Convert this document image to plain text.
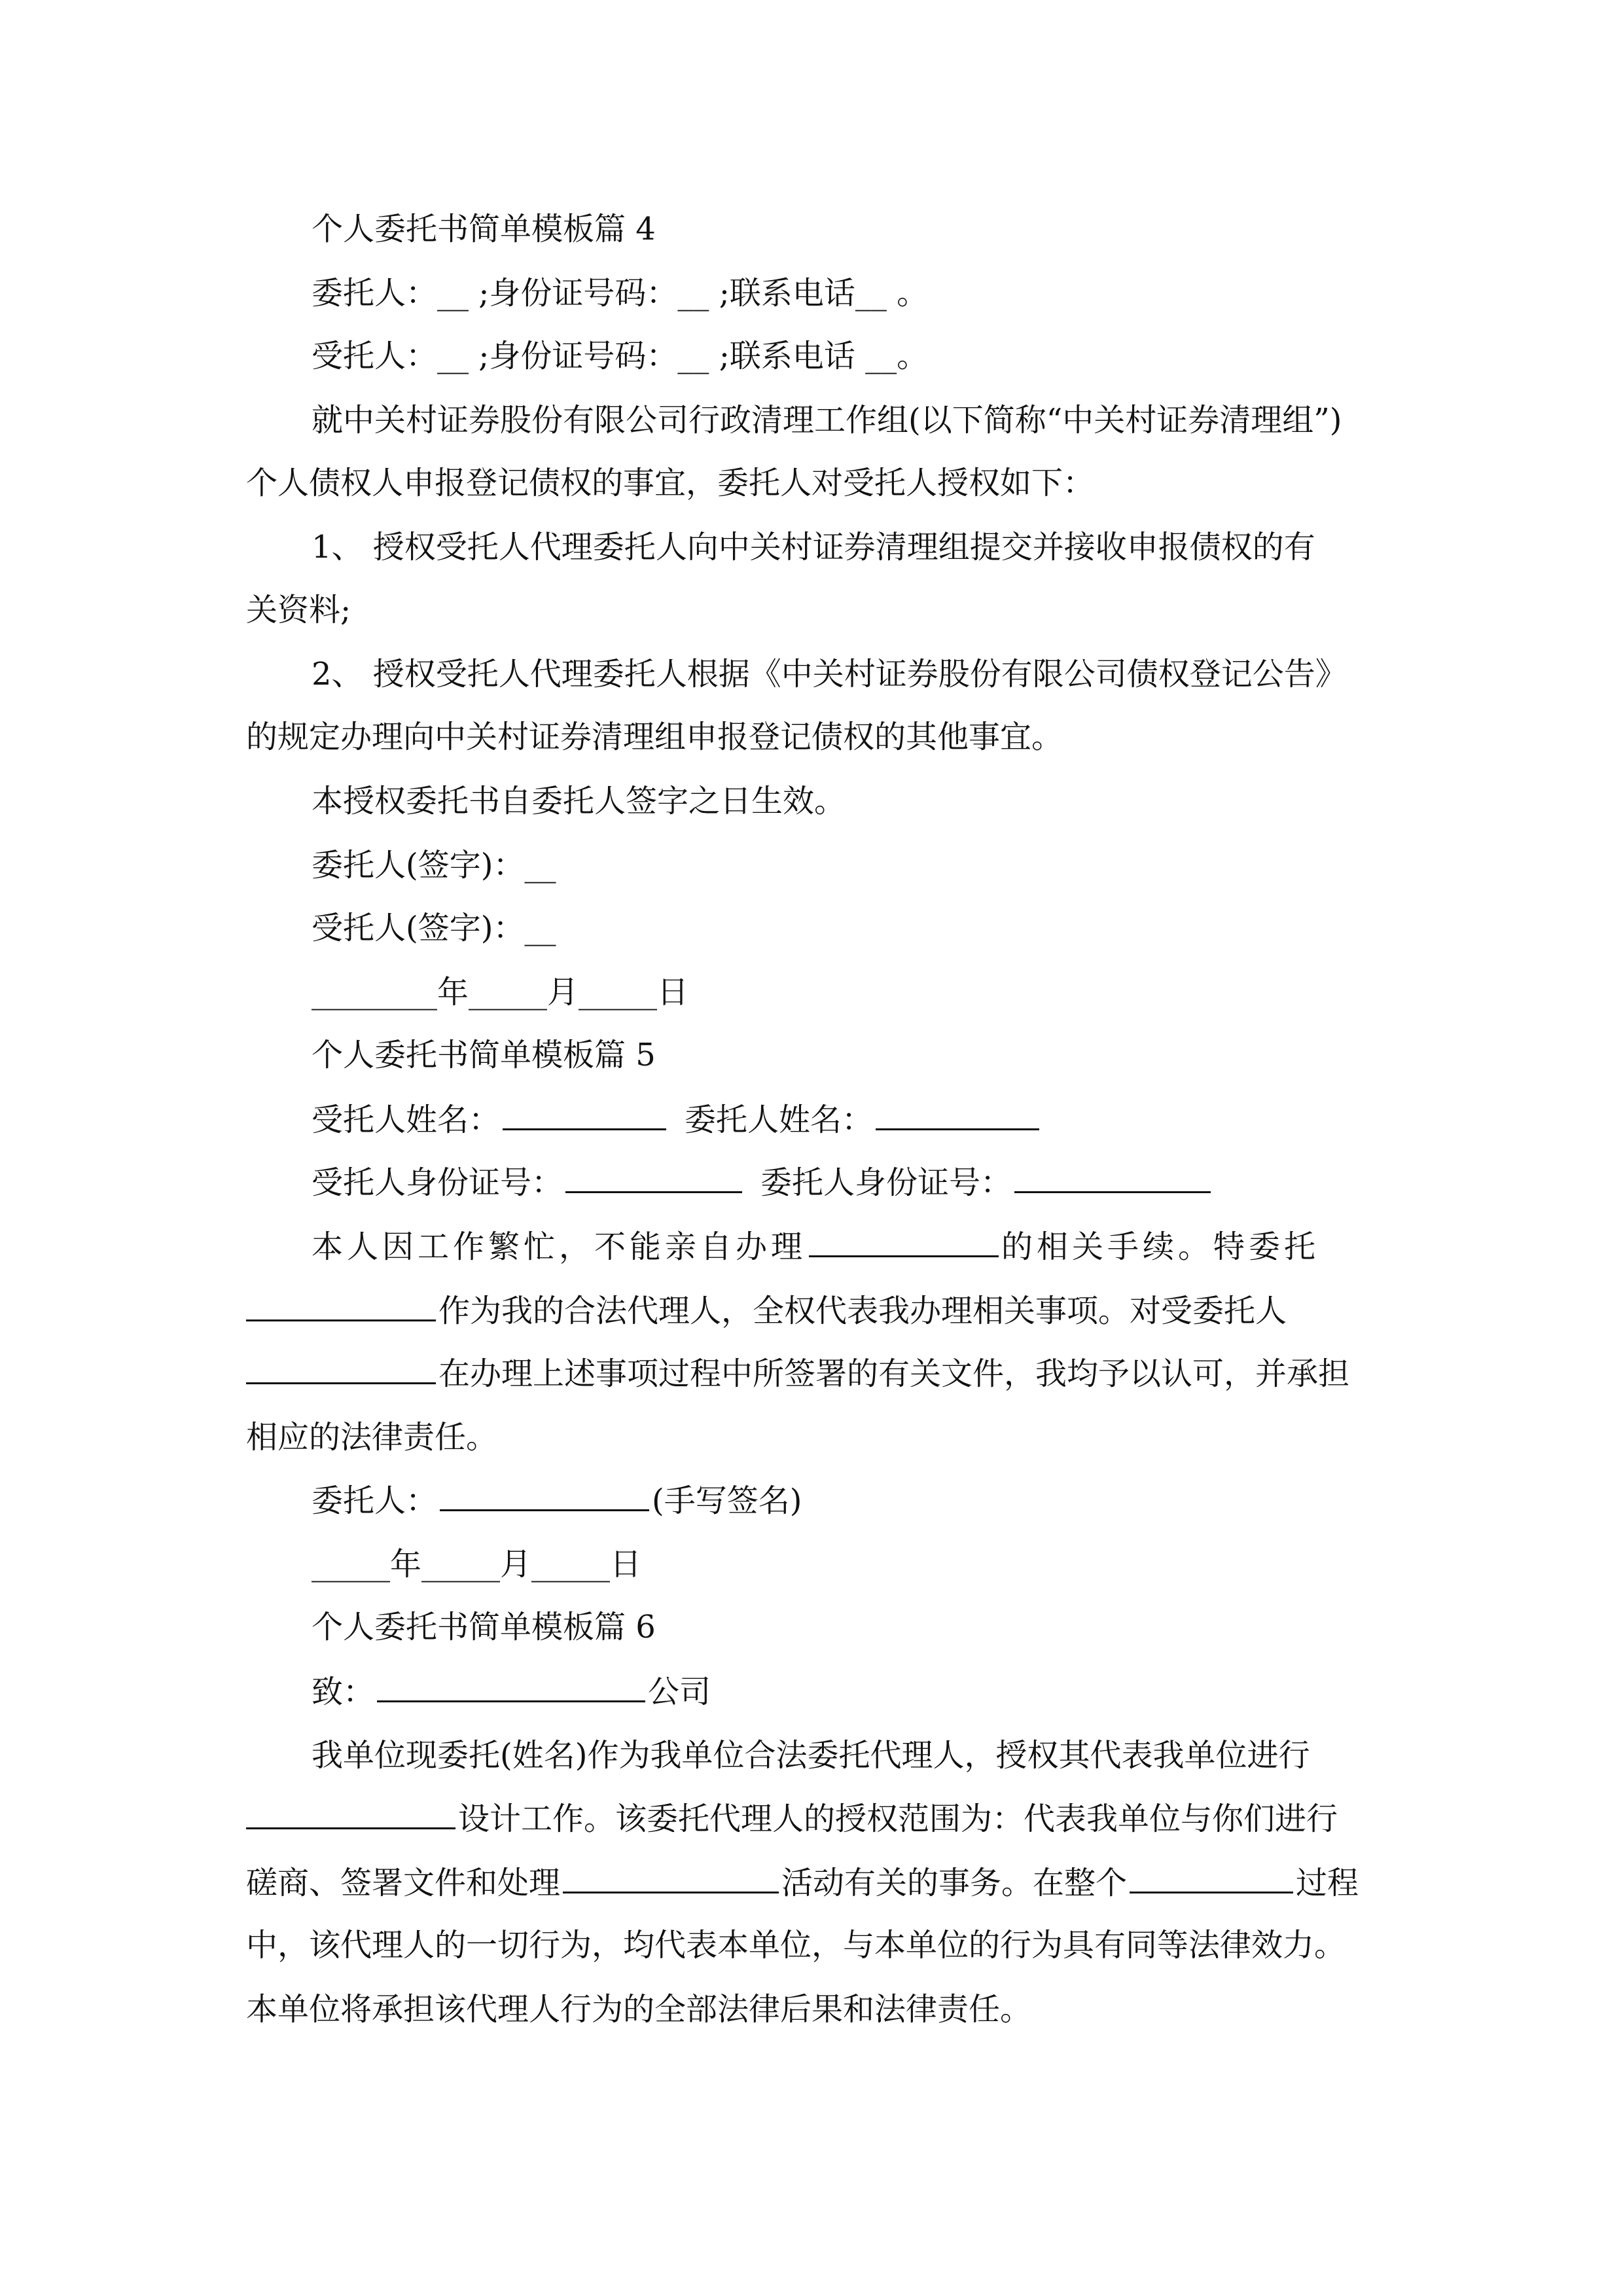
个人委托书简单模板篇 4
委托人：__ ;身份证号码：__ ;联系电话__ 。
受托人：__ ;身份证号码：__ ;联系电话 __。
就中关村证券股份有限公司行政清理工作组(以下简称“中关村证券清理组”)
个人债权人申报登记债权的事宜，委托人对受托人授权如下：
1、 授权受托人代理委托人向中关村证券清理组提交并接收申报债权的有
关资料;
2、 授权受托人代理委托人根据《中关村证券股份有限公司债权登记公告》
的规定办理向中关村证券清理组申报登记债权的其他事宜。
本授权委托书自委托人签字之日生效。
委托人(签字)：__
受托人(签字)：__
________年_____月_____日
个人委托书简单模板篇 5
受托人姓名：	委托人姓名：
受托人身份证号：	委托人身份证号：
本人因工作繁忙，不能亲自办理	的相关手续。特委托
作为我的合法代理人，全权代表我办理相关事项。对受委托人
在办理上述事项过程中所签署的有关文件，我均予以认可，并承担
相应的法律责任。
委托人：	(手写签名)
_____年_____月_____日
个人委托书简单模板篇 6
致：	公司
我单位现委托(姓名)作为我单位合法委托代理人，授权其代表我单位进行
设计工作。该委托代理人的授权范围为：代表我单位与你们进行
磋商、签署文件和处理	活动有关的事务。在整个	过程
中，该代理人的一切行为，均代表本单位，与本单位的行为具有同等法律效力。
本单位将承担该代理人行为的全部法律后果和法律责任。
